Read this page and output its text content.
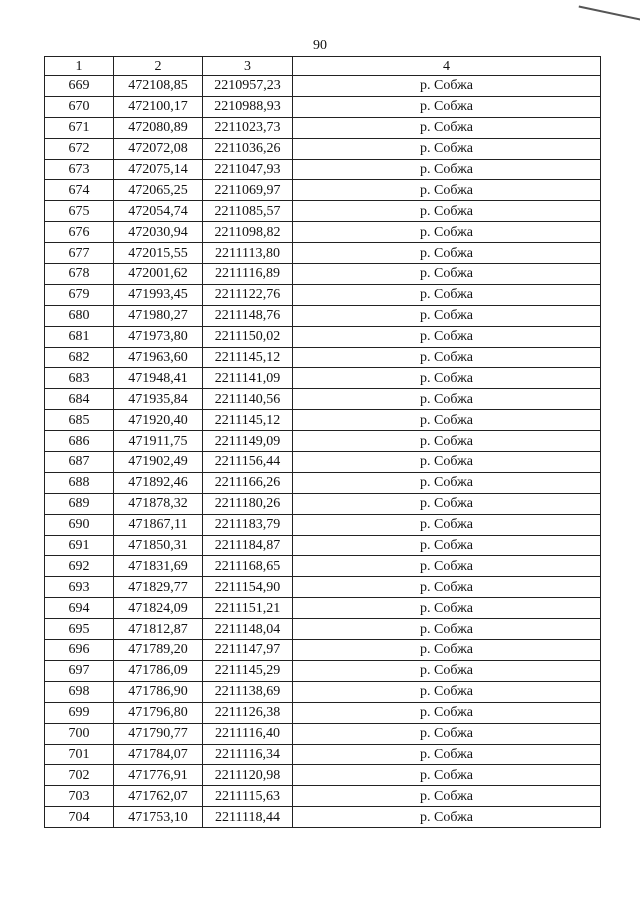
90
1	2	3	4
669	472108,85	2210957,23	р. Собжа
670	472100,17	2210988,93	р. Собжа
671	472080,89	2211023,73	р. Собжа
672	472072,08	2211036,26	р. Собжа
673	472075,14	2211047,93	р. Собжа
674	472065,25	2211069,97	р. Собжа
675	472054,74	2211085,57	р. Собжа
676	472030,94	2211098,82	р. Собжа
677	472015,55	2211113,80	р. Собжа
678	472001,62	2211116,89	р. Собжа
679	471993,45	2211122,76	р. Собжа
680	471980,27	2211148,76	р. Собжа
681	471973,80	2211150,02	р. Собжа
682	471963,60	2211145,12	р. Собжа
683	471948,41	2211141,09	р. Собжа
684	471935,84	2211140,56	р. Собжа
685	471920,40	2211145,12	р. Собжа
686	471911,75	2211149,09	р. Собжа
687	471902,49	2211156,44	р. Собжа
688	471892,46	2211166,26	р. Собжа
689	471878,32	2211180,26	р. Собжа
690	471867,11	2211183,79	р. Собжа
691	471850,31	2211184,87	р. Собжа
692	471831,69	2211168,65	р. Собжа
693	471829,77	2211154,90	р. Собжа
694	471824,09	2211151,21	р. Собжа
695	471812,87	2211148,04	р. Собжа
696	471789,20	2211147,97	р. Собжа
697	471786,09	2211145,29	р. Собжа
698	471786,90	2211138,69	р. Собжа
699	471796,80	2211126,38	р. Собжа
700	471790,77	2211116,40	р. Собжа
701	471784,07	2211116,34	р. Собжа
702	471776,91	2211120,98	р. Собжа
703	471762,07	2211115,63	р. Собжа
704	471753,10	2211118,44	р. Собжа
